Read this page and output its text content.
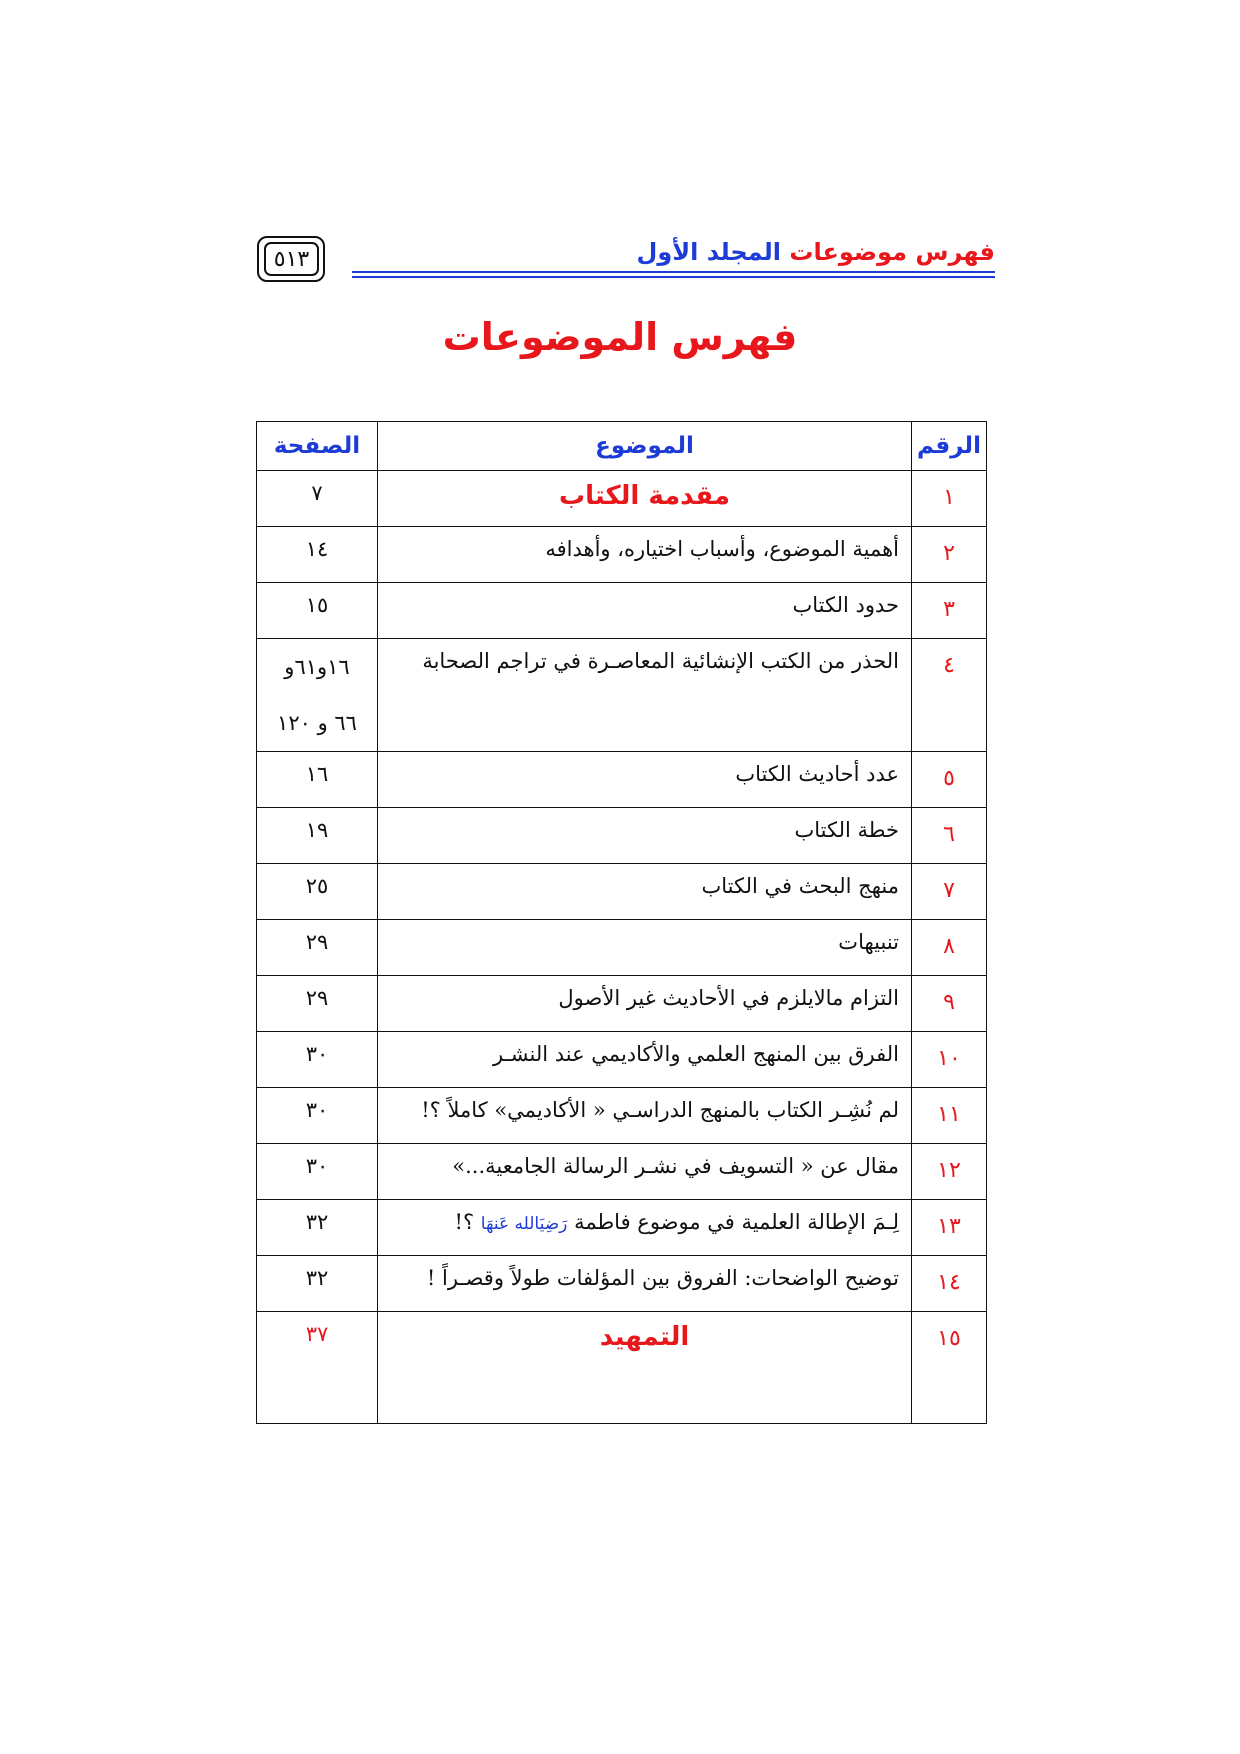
فهرس موضوعات المجلد الأول
٥١٣
فهرس الموضوعات
الرقم	الموضوع	الصفحة
١	مقدمة الكتاب	٧
٢	أهمية الموضوع، وأسباب اختياره، وأهدافه	١٤
٣	حدود الكتاب	١٥
٤	الحذر من الكتب الإنشائية المعاصـرة في تراجم الصحابة	١٦و٦١و
٦٦ و ١٢٠

٥	عدد أحاديث الكتاب	١٦
٦	خطة الكتاب	١٩
٧	منهج البحث في الكتاب	٢٥
٨	تنبيهات	٢٩
٩	التزام مالايلزم في الأحاديث غير الأصول	٢٩
١٠	الفرق بين المنهج العلمي والأكاديمي عند النشـر	٣٠
١١	لم نُشِـر الكتاب بالمنهج الدراسـي « الأكاديمي» كاملاً ؟!	٣٠
١٢	مقال عن « التسويف في نشـر الرسالة الجامعية...»	٣٠
١٣	لِـمَ الإطالة العلمية في موضوع فاطمة رَضِيَالله عَنهَا ؟!	٣٢
١٤	توضيح الواضحات: الفروق بين المؤلفات طولاً وقصـراً !	٣٢
١٥	التمهيد	٣٧
